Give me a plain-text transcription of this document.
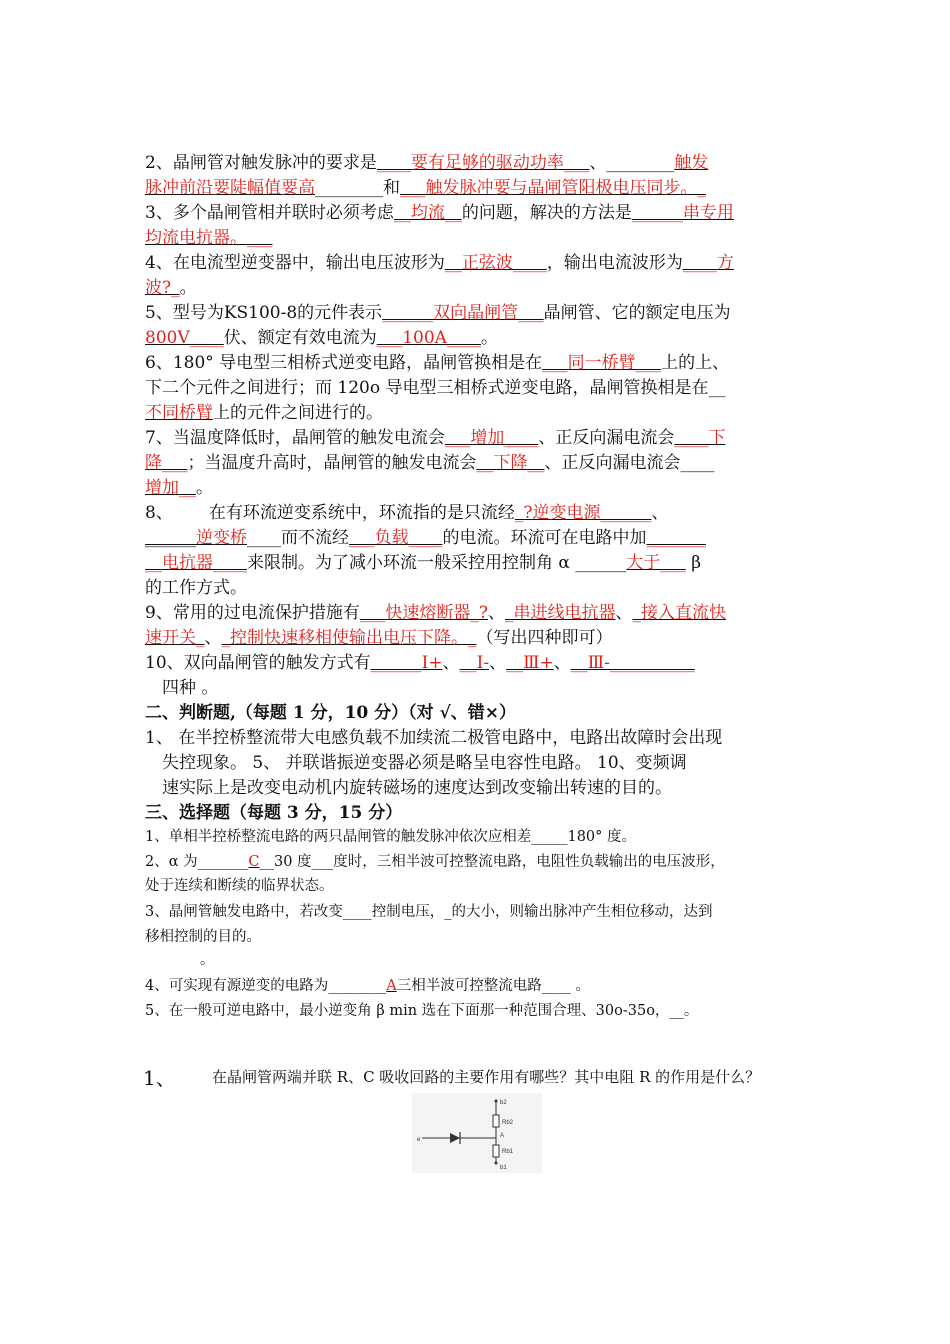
2、晶闸管对触发脉冲的要求是____要有足够的驱动功率___、________触发
脉冲前沿要陡幅值要高________和___触发脉冲要与晶闸管阳极电压同步。_
3、多个晶闸管相并联时必须考虑__均流__的问题，解决的方法是______串专用
均流电抗器。___
4、在电流型逆变器中，输出电压波形为__正弦波____，输出电流波形为____方
波?_。
5、型号为KS100-8的元件表示______双向晶闸管___晶闸管、它的额定电压为
800V____伏、额定有效电流为___100A____。
6、180° 导电型三相桥式逆变电路，晶闸管换相是在___同一桥臂___上的上、
下二个元件之间进行；而 120o 导电型三相桥式逆变电路，晶闸管换相是在__
不同桥臂上的元件之间进行的。
7、当温度降低时，晶闸管的触发电流会___增加____、正反向漏电流会____下
降___；当温度升高时，晶闸管的触发电流会__下降__、正反向漏电流会____
增加__。
8、 在有环流逆变系统中，环流指的是只流经_?逆变电源______、
______逆变桥____而不流经___负载____的电流。环流可在电路中加_______
__电抗器____来限制。为了减小环流一般采控用控制角 α ______大于___ β
的工作方式。
9、常用的过电流保护措施有___快速熔断器_?、_串进线电抗器、_接入直流快
速开关_、_控制快速移相使输出电压下降。_（写出四种即可）
10、双向晶闸管的触发方式有______Ⅰ+、__Ⅰ-、__Ⅲ+、__Ⅲ-__________
四种 。
二、判断题,（每题 1 分，10 分）（对 √、错×）
1、 在半控桥整流带大电感负载不加续流二极管电路中，电路出故障时会出现
失控现象。 5、 并联谐振逆变器必须是略呈电容性电路。 10、变频调
速实际上是改变电动机内旋转磁场的速度达到改变输出转速的目的。
三、选择题（每题 3 分，15 分）
1、单相半控桥整流电路的两只晶闸管的触发脉冲依次应相差_____180° 度。
2、α 为_______C__30 度___度时，三相半波可控整流电路，电阻性负载输出的电压波形，
处于连续和断续的临界状态。
3、晶闸管触发电路中，若改变____控制电压，_的大小，则输出脉冲产生相位移动，达到
移相控制的目的。
。
4、可实现有源逆变的电路为________A三相半波可控整流电路____ 。
5、在一般可逆电路中，最小逆变角 β min 选在下面那一种范围合理、30o-35o，__。
1、 在晶闸管两端并联 R、C 吸收回路的主要作用有哪些？其中电阻 R 的作用是什么？
b2
Rb2
A
Rb1
b1
e
